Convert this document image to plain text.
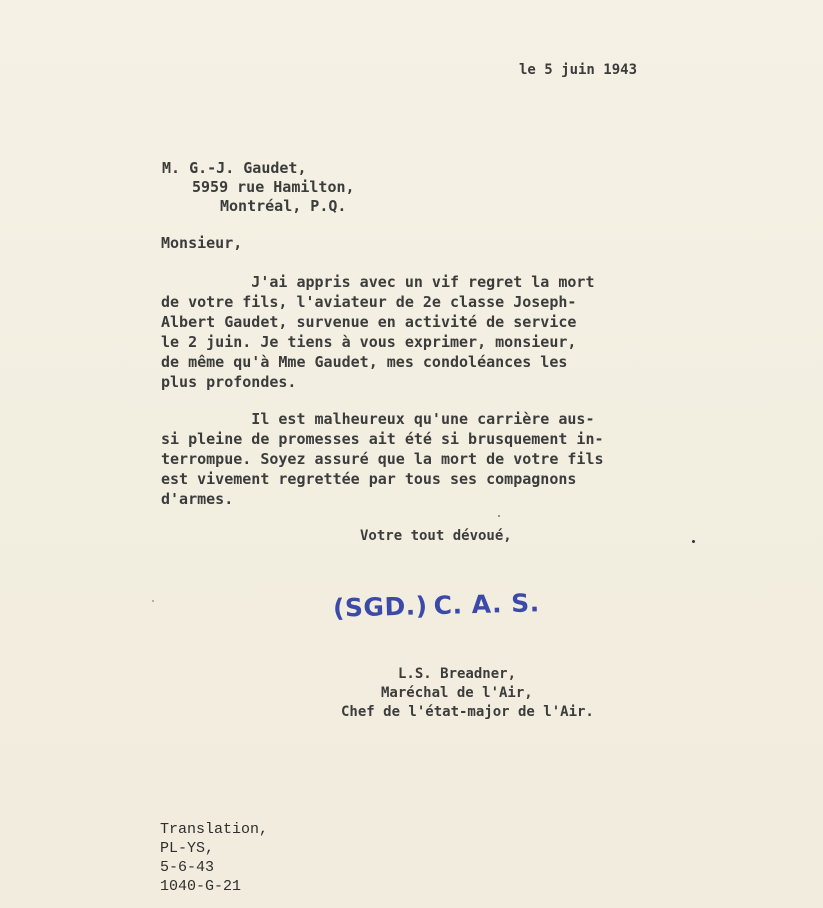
le 5 juin 1943
M. G.-J. Gaudet,
5959 rue Hamilton,
Montréal, P.Q.
Monsieur,
J'ai appris avec un vif regret la mort
de votre fils, l'aviateur de 2e classe Joseph-
Albert Gaudet, survenue en activité de service
le 2 juin. Je tiens à vous exprimer, monsieur,
de même qu'à Mme Gaudet, mes condoléances les
plus profondes.
Il est malheureux qu'une carrière aus-
si pleine de promesses ait été si brusquement in-
terrompue. Soyez assuré que la mort de votre fils
est vivement regrettée par tous ses compagnons
d'armes.
Votre tout dévoué,
(SGD.) C. A. S.
L.S. Breadner,
Maréchal de l'Air,
Chef de l'état-major de l'Air.
Translation,
PL-YS,
5-6-43
1040-G-21
